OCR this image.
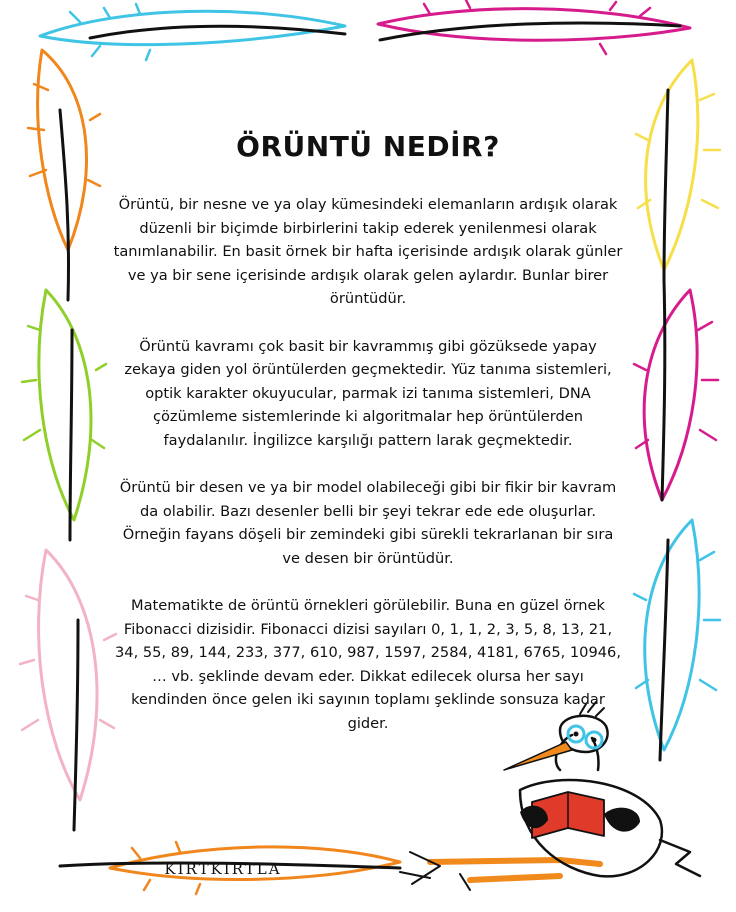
ÖRÜNTÜ NEDİR?

Örüntü, bir nesne ve ya olay kümesindeki elemanların ardışık olarak düzenli bir biçimde birbirlerini takip ederek yenilenmesi olarak tanımlanabilir. En basit örnek bir hafta içerisinde ardışık olarak günler ve ya bir sene içerisinde ardışık olarak gelen aylardır. Bunlar birer örüntüdür.

Örüntü kavramı çok basit bir kavrammış gibi gözüksede yapay zekaya giden yol örüntülerden geçmektedir. Yüz tanıma sistemleri, optik karakter okuyucular, parmak izi tanıma sistemleri, DNA çözümleme sistemlerinde ki algoritmalar hep örüntülerden faydalanılır. İngilizce karşılığı pattern larak geçmektedir.

Örüntü bir desen ve ya bir model olabileceği gibi bir fikir bir kavram da olabilir. Bazı desenler belli bir şeyi tekrar ede ede oluşurlar. Örneğin fayans döşeli bir zemindeki gibi sürekli tekrarlanan bir sıra ve desen bir örüntüdür.

Matematikte de örüntü örnekleri görülebilir. Buna en güzel örnek Fibonacci dizisidir. Fibonacci dizisi sayıları 0, 1, 1, 2, 3, 5, 8, 13, 21, 34, 55, 89, 144, 233, 377, 610, 987, 1597, 2584, 4181, 6765, 10946, … vb. şeklinde devam eder. Dikkat edilecek olursa her sayı kendinden önce gelen iki sayının toplamı şeklinde sonsuza kadar gider.

KIRTKIRTLA
